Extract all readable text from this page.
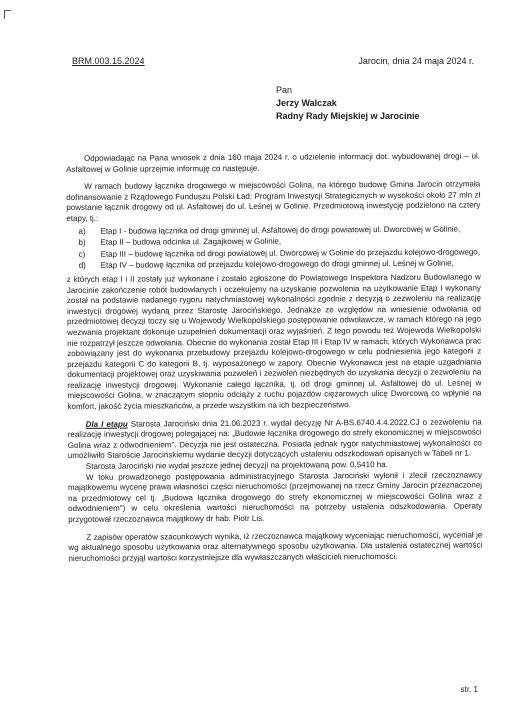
BRM.003.15.2024	Jarocin, dnia 24 maja 2024 r.
Pan
Jerzy Walczak
Radny Rady Miejskiej w Jarocinie

Odpowiadając na Pana wniosek z dnia 160 maja 2024 r. o udzielenie informacji dot. wybudowanej drogi – ul. Asfaltowej w Golinie uprzejmie informuję co następuje.

W ramach budowy łącznika drogowego w miejscowości Golina, na którego budowę Gmina Jarocin otrzymała dofinansowanie z Rządowego Funduszu Polski Ład: Program Inwestycji Strategicznych w wysokości około 27 mln zł powstanie łącznik drogowy od ul. Asfaltowej do ul. Leśnej w Golinie. Przedmiotową inwestycję podzielono na cztery etapy, tj.:

a) Etap I - budowa łącznika od drogi gminnej ul. Asfaltowej do drogi powiatowej ul. Dworcowej w Golinie,
b) Etap II – budowa odcinka ul. Zagajkowej w Golinie,
c) Etap III – budowę łącznika od drogi powiatowej ul. Dworcowej w Golinie do przejazdu kolejowo-drogowego,
d) Etap IV – budowę łącznika od przejazdu kolejowo-drogowego do drogi gminnej ul. Leśnej w Golinie,

z których etap I i II zostały już wykonane i zostało zgłoszone do Powiatowego Inspektora Nadzoru Budowlanego w Jarocinie zakończenie robót budowlanych i oczekujemy na uzyskanie pozwolenia na użytkowanie Etap I wykonany został na podstawie nadanego rygoru natychmiastowej wykonalności zgodnie z decyzją o zezwoleniu na realizację inwestycji drogowej wydaną przez Starostę Jarocińskiego. Jednakże ze względów na wniesienie odwołania od przedmiotowej decyzji toczy się u Wojewody Wielkopolskiego postępowanie odwoławcze, w ramach którego na jego wezwania projektant dokonuje uzupełnień dokumentacji oraz wyjaśnień. Z tego powodu też Wojewoda Wielkopolski nie rozpatrzył jeszcze odwołania. Obecnie do wykonania został Etap III i Etap IV w ramach, których Wykonawca prac zobowiązany jest do wykonania przebudowy przejazdu kolejowo-drogowego w celu podniesienia jego kategorii z przejazdu kategorii C do kategorii B, tj. wyposażonego w zapory. Obecnie Wykonawca jest na etapie uzgadniania dokumentacji projektowej oraz uzyskiwania pozwoleń i zezwoleń niezbędnych do uzyskania decyzji o zezwoleniu na realizację inwestycji drogowej. Wykonanie całego łącznika, tj. od drogi gminnej ul. Asfaltowej do ul. Leśnej w miejscowości Golina, w znaczącym stopniu odciąży z ruchu pojazdów ciężarowych ulicę Dworcową co wpłynie na komfort, jakość życia mieszkańców, a przede wszystkim na ich bezpieczeństwo.

Dla I etapu Starosta Jarociński dnia 21.06.2023 r. wydał decyzję Nr A-BS.6740.4.4.2022.CJ o zezwoleniu na realizację inwestycji drogowej polegającej na: „Budowie łącznika drogowego do strefy ekonomicznej w miejscowości Golina wraz z odwodnieniem". Decyzja nie jest ostateczna. Posiada jednak rygor natychmiastowej wykonalności co umożliwiło Staroście Jarocińskiemu wydanie decyzji dotyczących ustaleniu odszkodowań opisanych w Tabeli nr 1.

Starosta Jarociński nie wydał jeszcze jednej decyzji na projektowaną pow. 0,5410 ha.

W toku prowadzonego postępowania administracyjnego Starosta Jarociński wyłonił i zlecił rzeczoznawcy majątkowemu wycenę prawa własności części nieruchomości (przejmowanej na rzecz Gminy Jarocin przeznaczonej na przedmiotowy cel tj. „Budowa łącznika drogowego do strefy ekonomicznej w miejscowości Golina wraz z odwodnieniem") w celu określenia wartości nieruchomości na potrzeby ustalenia odszkodowania. Operaty przygotował rzeczoznawca majątkowy dr hab. Piotr Lis.

Z zapisów operatów szacunkowych wynika, iż rzeczoznawca majątkowy wyceniając nieruchomości, wyceniał je wg aktualnego sposobu użytkowania oraz alternatywnego sposobu użytkowania. Dla ustalenia ostatecznej wartości nieruchomości przyjął wartości korzystniejsze dla wywłaszczanych właścicieli nieruchomości.

str. 1
